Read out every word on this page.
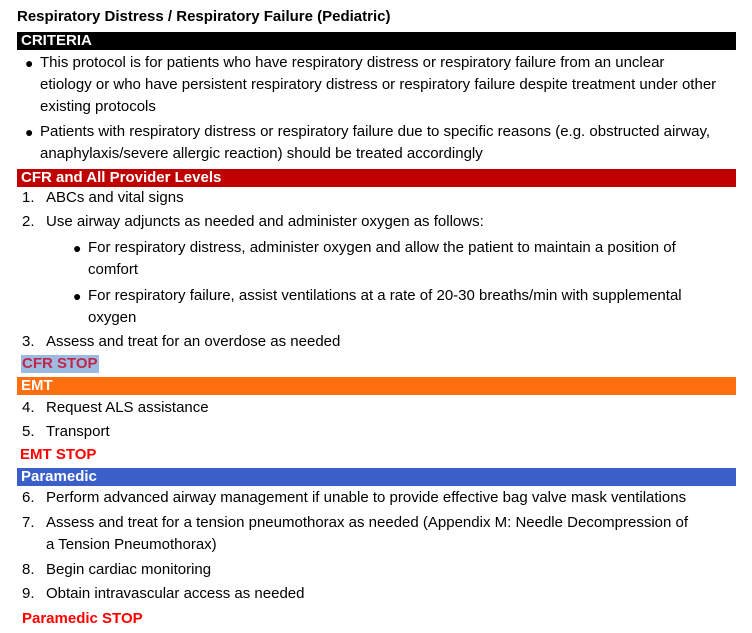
Respiratory Distress / Respiratory Failure (Pediatric)
CRITERIA
● This protocol is for patients who have respiratory distress or respiratory failure from an unclear
etiology or who have persistent respiratory distress or respiratory failure despite treatment under other
existing protocols
● Patients with respiratory distress or respiratory failure due to specific reasons (e.g. obstructed airway,
anaphylaxis/severe allergic reaction) should be treated accordingly
CFR and All Provider Levels
1. ABCs and vital signs
2. Use airway adjuncts as needed and administer oxygen as follows:
● For respiratory distress, administer oxygen and allow the patient to maintain a position of
comfort
● For respiratory failure, assist ventilations at a rate of 20-30 breaths/min with supplemental
oxygen
3. Assess and treat for an overdose as needed
CFR STOP
EMT
4. Request ALS assistance
5. Transport
EMT STOP
Paramedic
6. Perform advanced airway management if unable to provide effective bag valve mask ventilations
7. Assess and treat for a tension pneumothorax as needed (Appendix M: Needle Decompression of
a Tension Pneumothorax)
8. Begin cardiac monitoring
9. Obtain intravascular access as needed
Paramedic STOP
